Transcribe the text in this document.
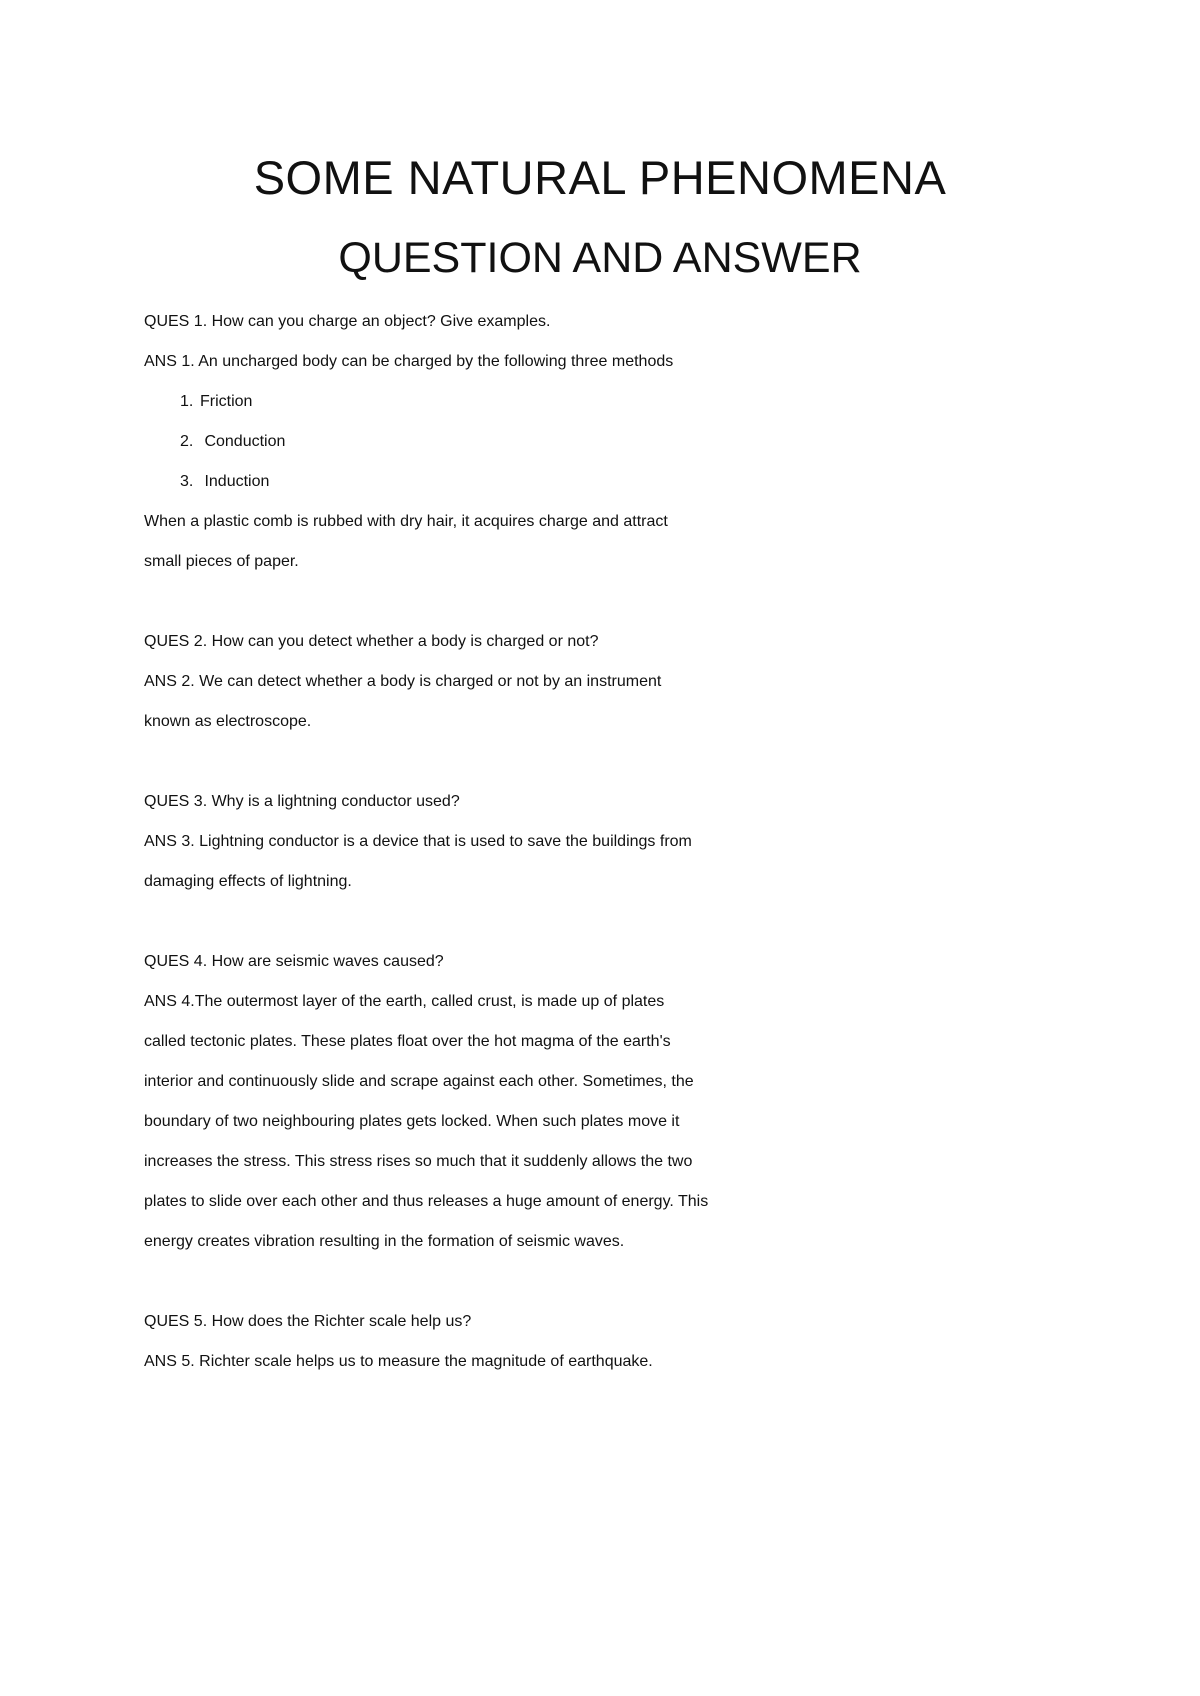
SOME NATURAL PHENOMENA
QUESTION AND ANSWER
QUES 1. How can you charge an object? Give examples.
ANS 1. An uncharged body can be charged by the following three methods
1. Friction
2. Conduction
3. Induction
When a plastic comb is rubbed with dry hair, it acquires charge and attract
small pieces of paper.
QUES 2. How can you detect whether a body is charged or not?
ANS 2. We can detect whether a body is charged or not by an instrument
known as electroscope.
QUES 3. Why is a lightning conductor used?
ANS 3. Lightning conductor is a device that is used to save the buildings from
damaging effects of lightning.
QUES 4. How are seismic waves caused?
ANS 4.The outermost layer of the earth, called crust, is made up of plates
called tectonic plates. These plates float over the hot magma of the earth's
interior and continuously slide and scrape against each other. Sometimes, the
boundary of two neighbouring plates gets locked. When such plates move it
increases the stress. This stress rises so much that it suddenly allows the two
plates to slide over each other and thus releases a huge amount of energy. This
energy creates vibration resulting in the formation of seismic waves.
QUES 5. How does the Richter scale help us?
ANS 5. Richter scale helps us to measure the magnitude of earthquake.
